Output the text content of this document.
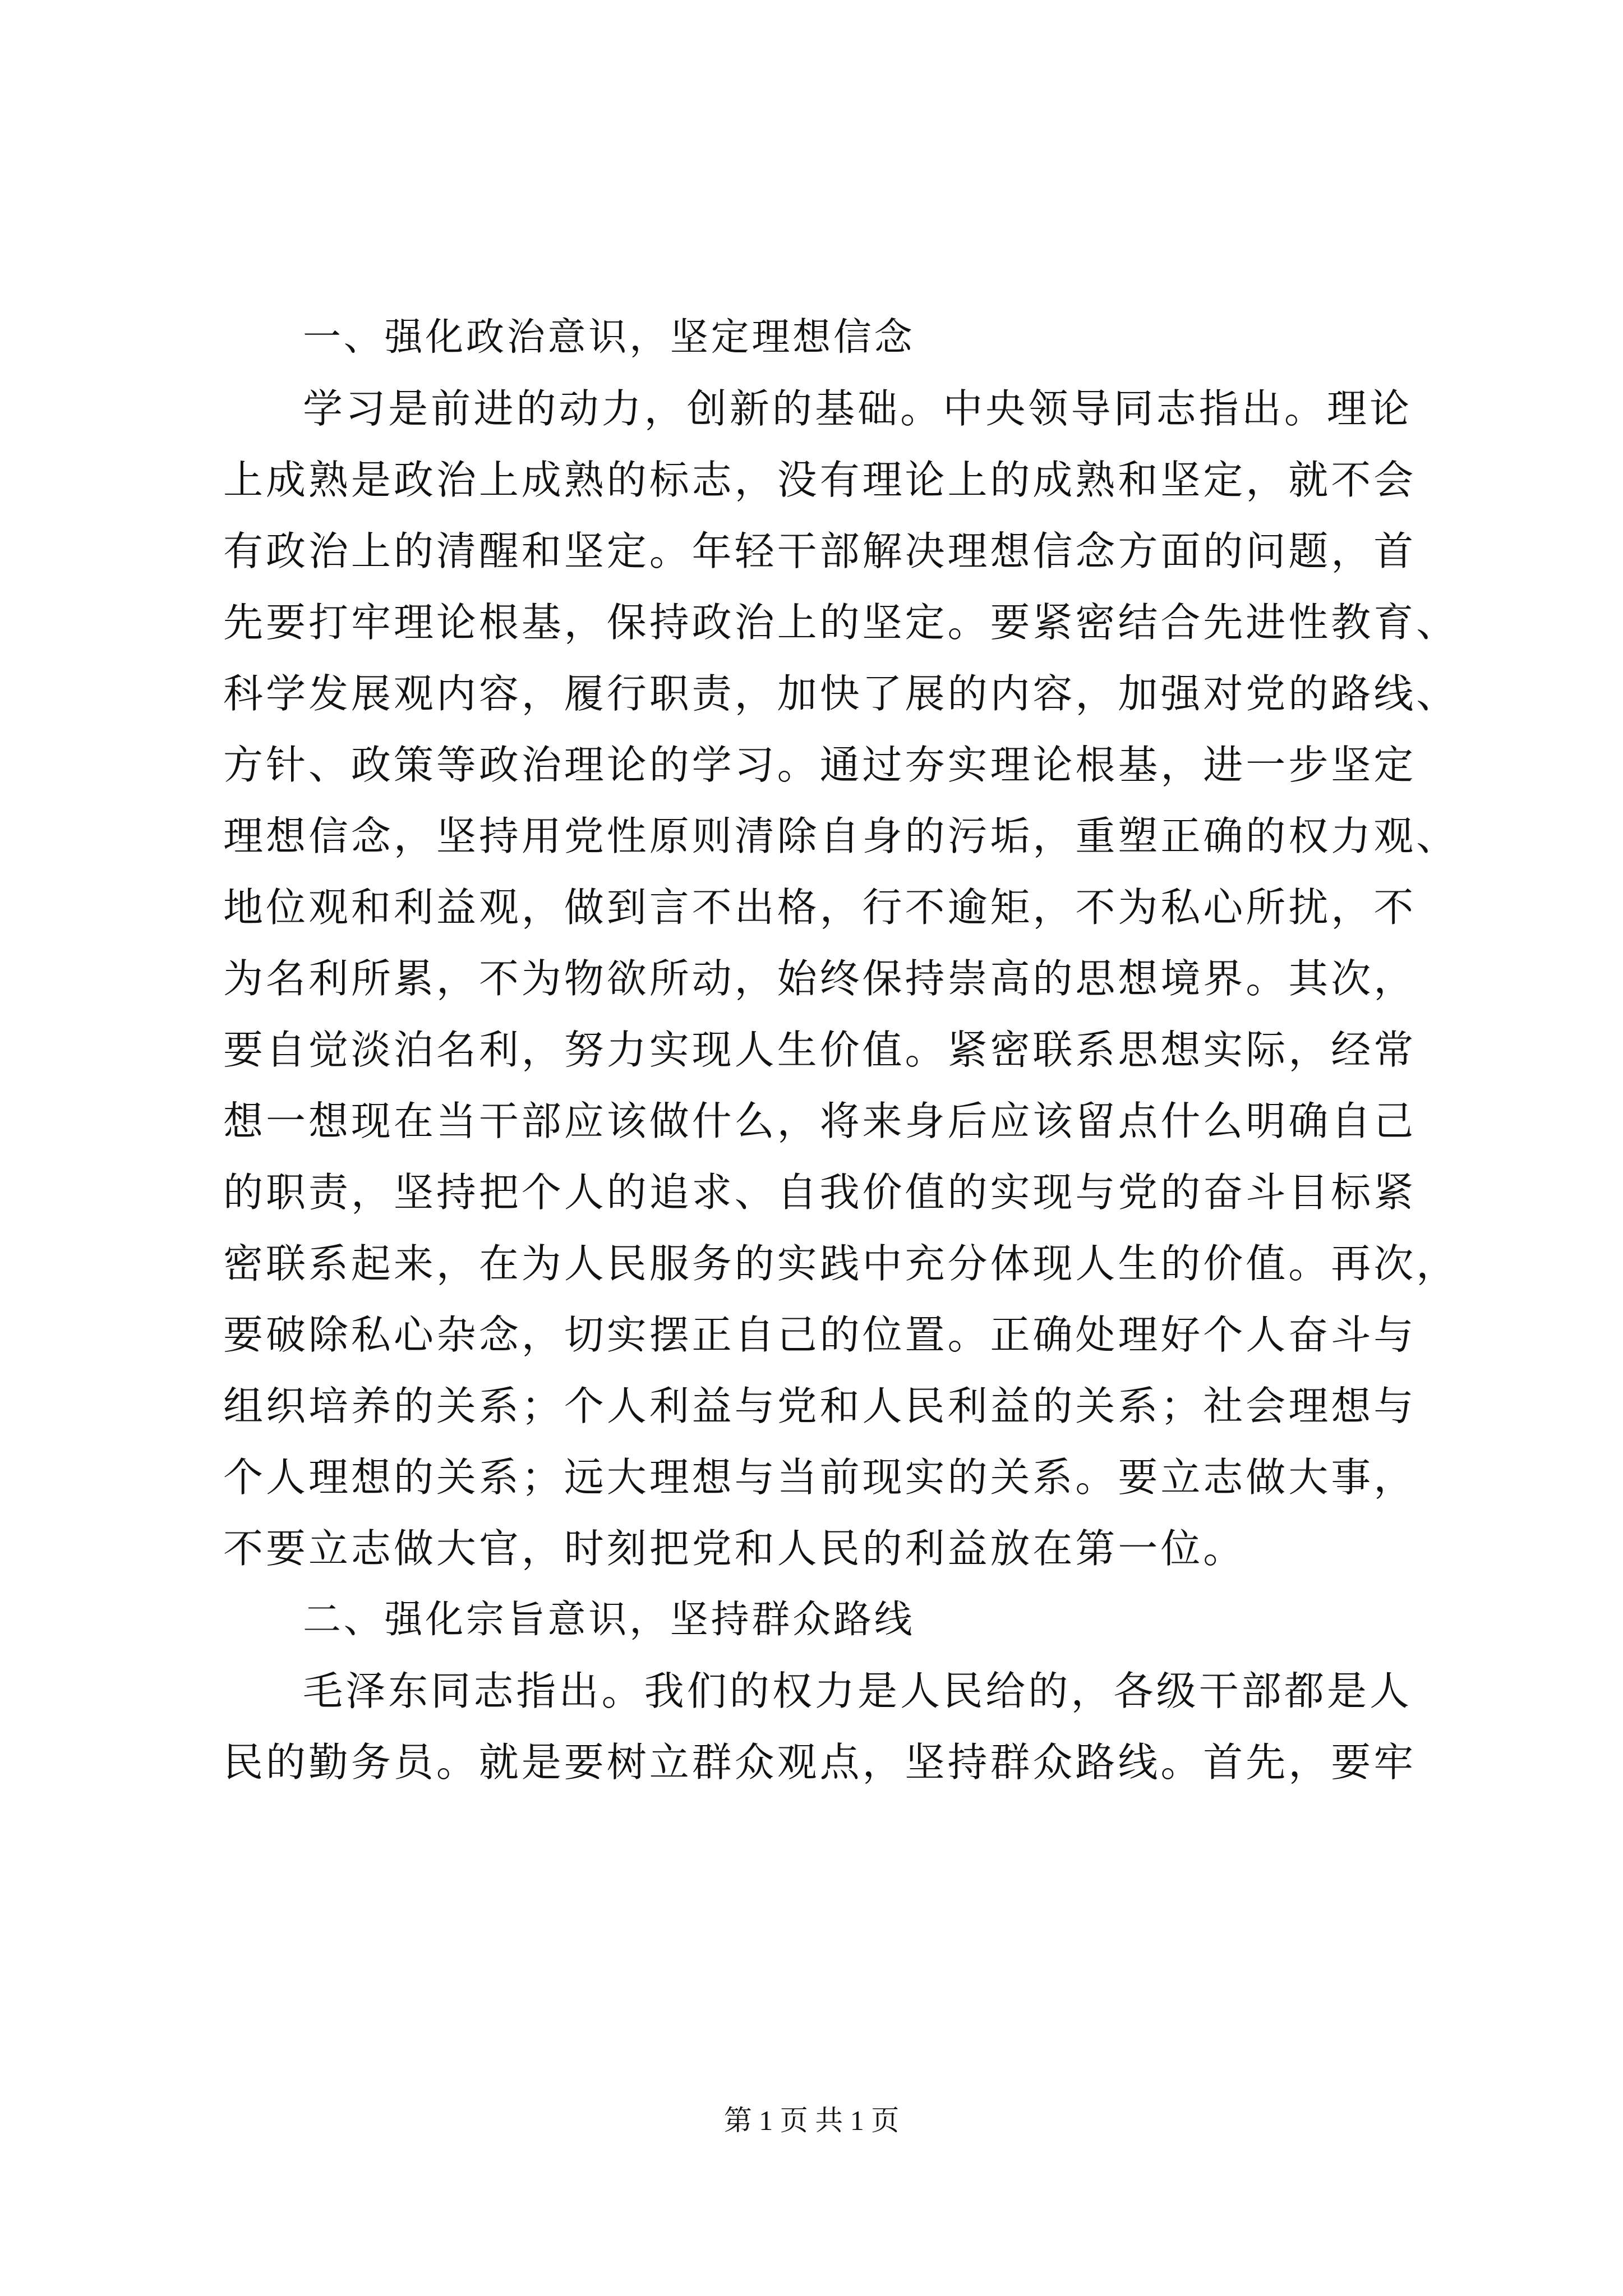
一、强化政治意识，坚定理想信念
学习是前进的动力，创新的基础。中央领导同志指出。理论
上成熟是政治上成熟的标志，没有理论上的成熟和坚定，就不会
有政治上的清醒和坚定。年轻干部解决理想信念方面的问题，首
先要打牢理论根基，保持政治上的坚定。要紧密结合先进性教育、
科学发展观内容，履行职责，加快了展的内容，加强对党的路线、
方针、政策等政治理论的学习。通过夯实理论根基，进一步坚定
理想信念，坚持用党性原则清除自身的污垢，重塑正确的权力观、
地位观和利益观，做到言不出格，行不逾矩，不为私心所扰，不
为名利所累，不为物欲所动，始终保持崇高的思想境界。其次，
要自觉淡泊名利，努力实现人生价值。紧密联系思想实际，经常
想一想现在当干部应该做什么，将来身后应该留点什么明确自己
的职责，坚持把个人的追求、自我价值的实现与党的奋斗目标紧
密联系起来，在为人民服务的实践中充分体现人生的价值。再次，
要破除私心杂念，切实摆正自己的位置。正确处理好个人奋斗与
组织培养的关系；个人利益与党和人民利益的关系；社会理想与
个人理想的关系；远大理想与当前现实的关系。要立志做大事，
不要立志做大官，时刻把党和人民的利益放在第一位。
二、强化宗旨意识，坚持群众路线
毛泽东同志指出。我们的权力是人民给的，各级干部都是人
民的勤务员。就是要树立群众观点，坚持群众路线。首先，要牢
第 1 页 共 1 页
